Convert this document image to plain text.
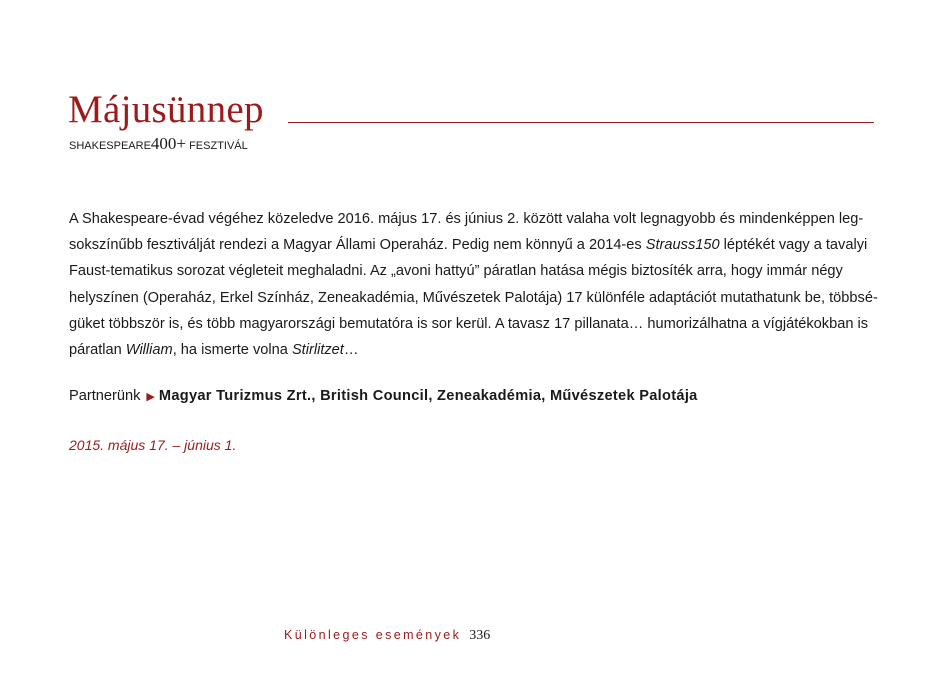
Májusünnep
SHAKESPEARE400+ FESZTIVÁL
A Shakespeare-évad végéhez közeledve 2016. május 17. és június 2. között valaha volt legnagyobb és mindenképpen leg-
sokszínűbb fesztiválját rendezi a Magyar Állami Operaház. Pedig nem könnyű a 2014-es Strauss150 léptékét vagy a tavalyi
Faust-tematikus sorozat végleteit meghaladni. Az „avoni hattyú” páratlan hatása mégis biztosíték arra, hogy immár négy
helyszínen (Operaház, Erkel Színház, Zeneakadémia, Művészetek Palotája) 17 különféle adaptációt mutathatunk be, többsé-
güket többször is, és több magyarországi bemutatóra is sor kerül. A tavasz 17 pillanata… humorizálhatna a vígjátékokban is
páratlan William, ha ismerte volna Stirlitzet…
Partnerünk ▶ Magyar Turizmus Zrt., British Council, Zeneakadémia, Művészetek Palotája
2015. május 17. – június 1.
Különleges események 336
